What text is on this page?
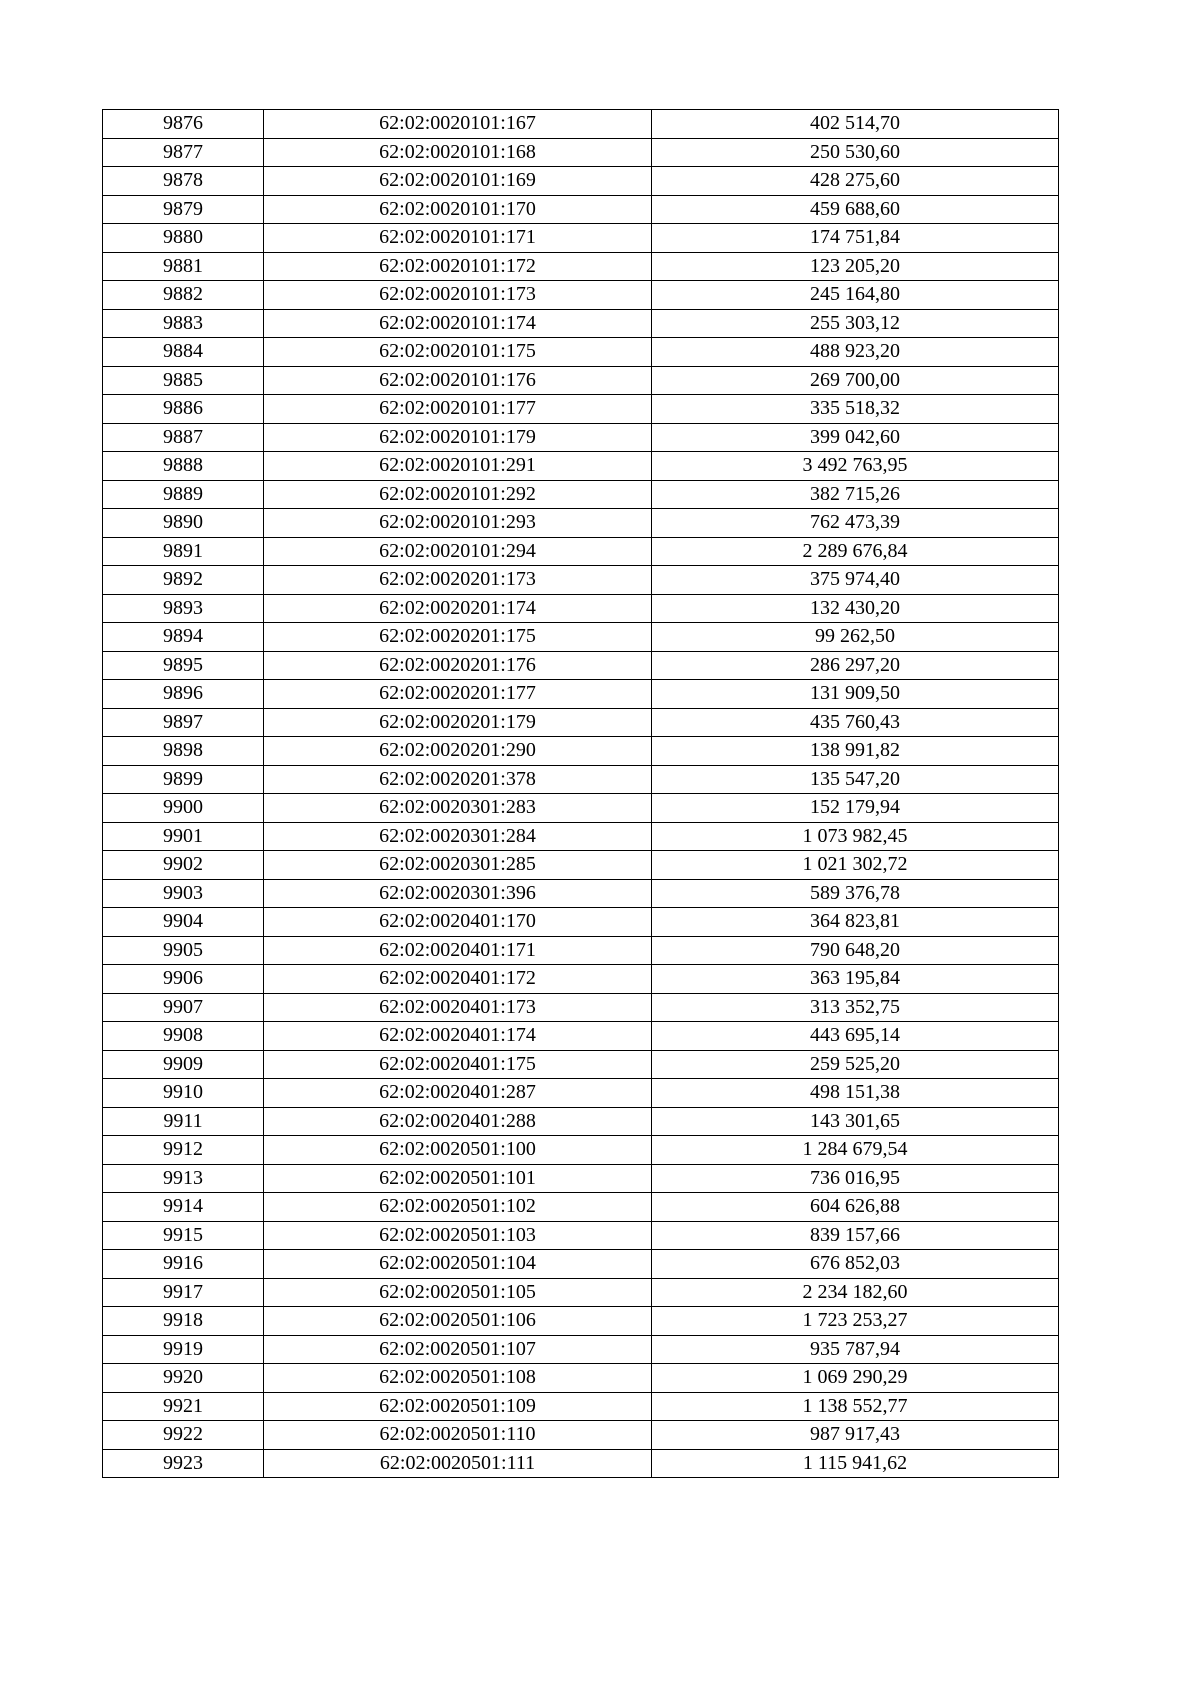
9876	62:02:0020101:167	402 514,70
9877	62:02:0020101:168	250 530,60
9878	62:02:0020101:169	428 275,60
9879	62:02:0020101:170	459 688,60
9880	62:02:0020101:171	174 751,84
9881	62:02:0020101:172	123 205,20
9882	62:02:0020101:173	245 164,80
9883	62:02:0020101:174	255 303,12
9884	62:02:0020101:175	488 923,20
9885	62:02:0020101:176	269 700,00
9886	62:02:0020101:177	335 518,32
9887	62:02:0020101:179	399 042,60
9888	62:02:0020101:291	3 492 763,95
9889	62:02:0020101:292	382 715,26
9890	62:02:0020101:293	762 473,39
9891	62:02:0020101:294	2 289 676,84
9892	62:02:0020201:173	375 974,40
9893	62:02:0020201:174	132 430,20
9894	62:02:0020201:175	99 262,50
9895	62:02:0020201:176	286 297,20
9896	62:02:0020201:177	131 909,50
9897	62:02:0020201:179	435 760,43
9898	62:02:0020201:290	138 991,82
9899	62:02:0020201:378	135 547,20
9900	62:02:0020301:283	152 179,94
9901	62:02:0020301:284	1 073 982,45
9902	62:02:0020301:285	1 021 302,72
9903	62:02:0020301:396	589 376,78
9904	62:02:0020401:170	364 823,81
9905	62:02:0020401:171	790 648,20
9906	62:02:0020401:172	363 195,84
9907	62:02:0020401:173	313 352,75
9908	62:02:0020401:174	443 695,14
9909	62:02:0020401:175	259 525,20
9910	62:02:0020401:287	498 151,38
9911	62:02:0020401:288	143 301,65
9912	62:02:0020501:100	1 284 679,54
9913	62:02:0020501:101	736 016,95
9914	62:02:0020501:102	604 626,88
9915	62:02:0020501:103	839 157,66
9916	62:02:0020501:104	676 852,03
9917	62:02:0020501:105	2 234 182,60
9918	62:02:0020501:106	1 723 253,27
9919	62:02:0020501:107	935 787,94
9920	62:02:0020501:108	1 069 290,29
9921	62:02:0020501:109	1 138 552,77
9922	62:02:0020501:110	987 917,43
9923	62:02:0020501:111	1 115 941,62
